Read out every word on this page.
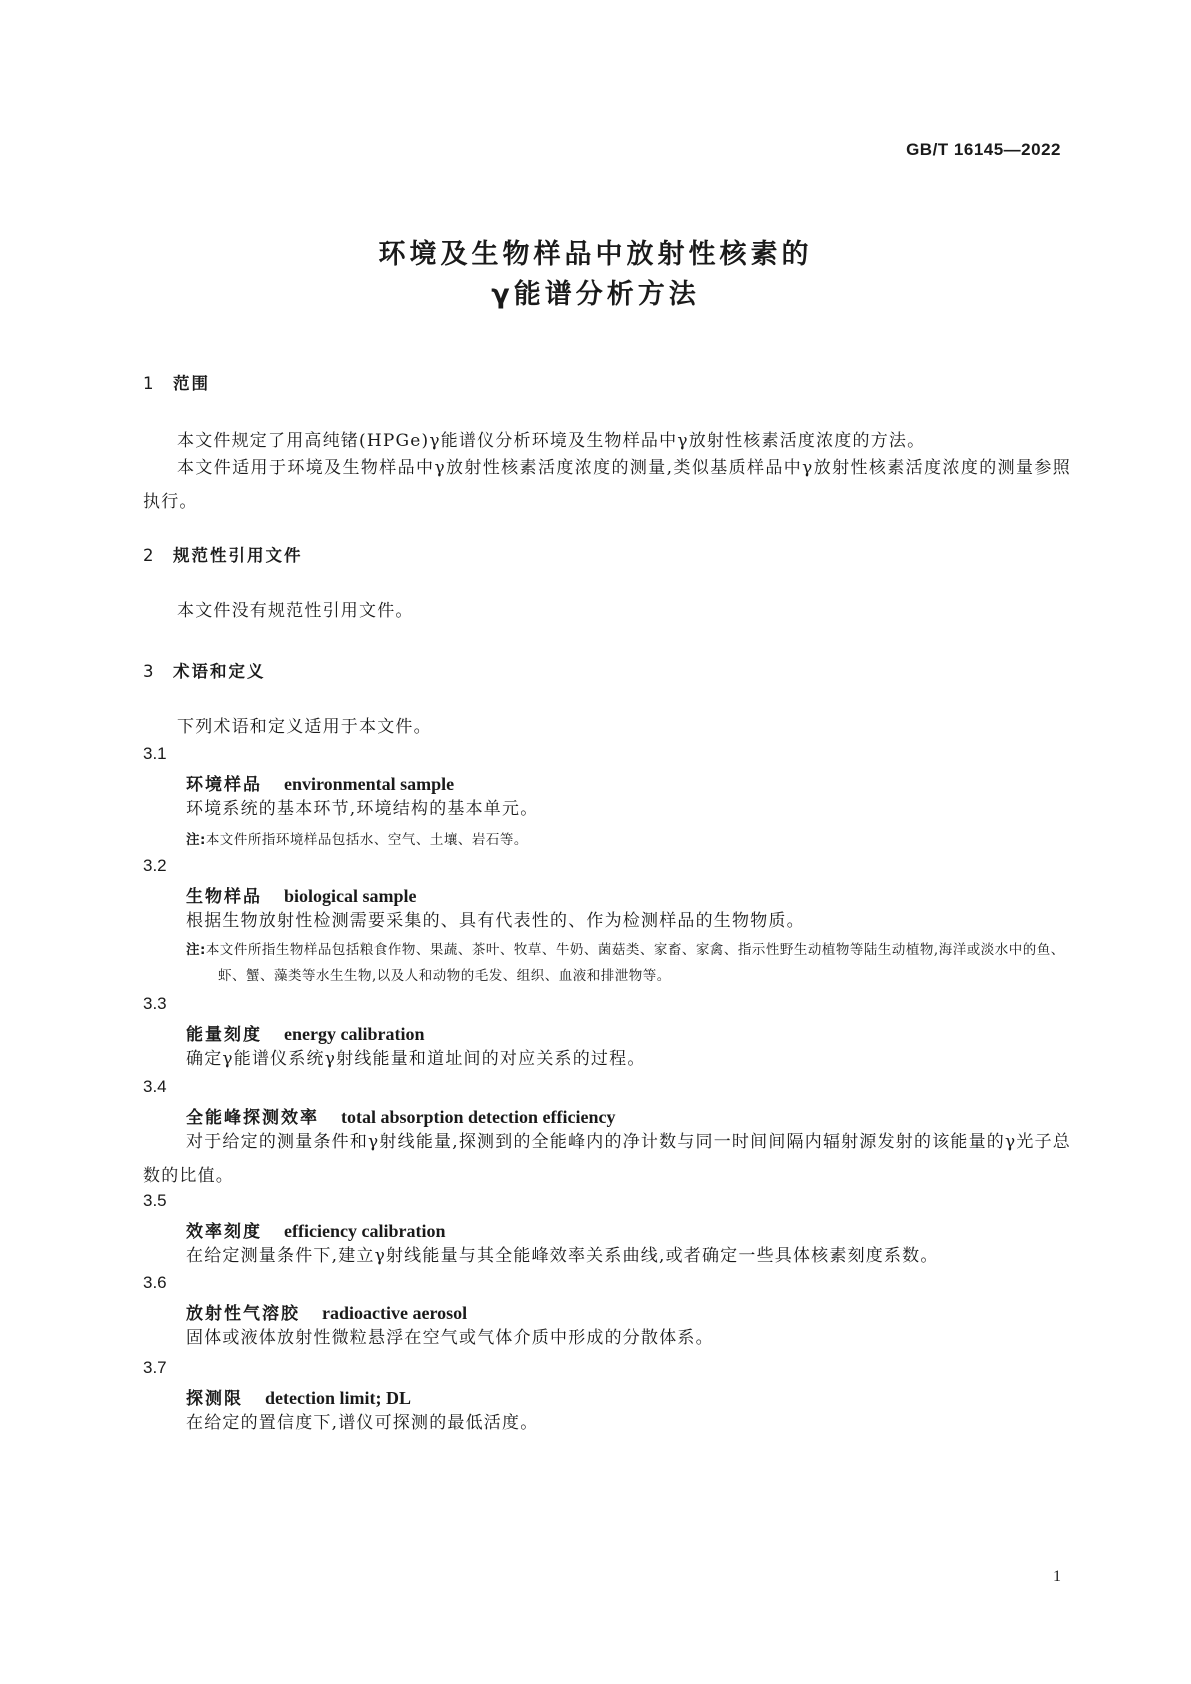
GB/T 16145—2022
环境及生物样品中放射性核素的
γ能谱分析方法
1 范围

本文件规定了用高纯锗(HPGe)γ能谱仪分析环境及生物样品中γ放射性核素活度浓度的方法。

本文件适用于环境及生物样品中γ放射性核素活度浓度的测量,类似基质样品中γ放射性核素活度浓度的测量参照执行。

2 规范性引用文件

本文件没有规范性引用文件。

3 术语和定义

下列术语和定义适用于本文件。

3.1
环境样品 environmental sample

环境系统的基本环节,环境结构的基本单元。

注:本文件所指环境样品包括水、空气、土壤、岩石等。
3.2
生物样品 biological sample

根据生物放射性检测需要采集的、具有代表性的、作为检测样品的生物物质。

注:本文件所指生物样品包括粮食作物、果蔬、茶叶、牧草、牛奶、菌菇类、家畜、家禽、指示性野生动植物等陆生动植物,海洋或淡水中的鱼、虾、蟹、藻类等水生生物,以及人和动物的毛发、组织、血液和排泄物等。
3.3
能量刻度 energy calibration

确定γ能谱仪系统γ射线能量和道址间的对应关系的过程。

3.4
全能峰探测效率 total absorption detection efficiency

对于给定的测量条件和γ射线能量,探测到的全能峰内的净计数与同一时间间隔内辐射源发射的该能量的γ光子总数的比值。

3.5
效率刻度 efficiency calibration

在给定测量条件下,建立γ射线能量与其全能峰效率关系曲线,或者确定一些具体核素刻度系数。

3.6
放射性气溶胶 radioactive aerosol

固体或液体放射性微粒悬浮在空气或气体介质中形成的分散体系。

3.7
探测限 detection limit; DL

在给定的置信度下,谱仪可探测的最低活度。

1
